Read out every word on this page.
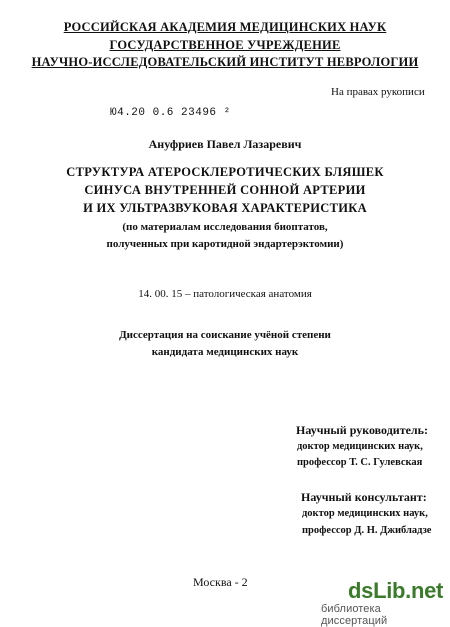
РОССИЙСКАЯ АКАДЕМИЯ МЕДИЦИНСКИХ НАУК
ГОСУДАРСТВЕННОЕ УЧРЕЖДЕНИЕ
НАУЧНО-ИССЛЕДОВАТЕЛЬСКИЙ ИНСТИТУТ НЕВРОЛОГИИ
На правах рукописи
Ю4.20 0.6 23496 ²
Ануфриев Павел Лазаревич
СТРУКТУРА АТЕРОСКЛЕРОТИЧЕСКИХ БЛЯШЕК
СИНУСА ВНУТРЕННЕЙ СОННОЙ АРТЕРИИ
И ИХ УЛЬТРАЗВУКОВАЯ ХАРАКТЕРИСТИКА
(по материалам исследования биоптатов,
полученных при каротидной эндартерэктомии)
14. 00. 15 – патологическая анатомия
Диссертация на соискание учёной степени
кандидата медицинских наук
Научный руководитель:
доктор медицинских наук,
профессор Т. С. Гулевская
Научный консультант:
доктор медицинских наук,
профессор Д. Н. Джибладзе
Москва - 2	dsLib.net
библиотека диссертаций
